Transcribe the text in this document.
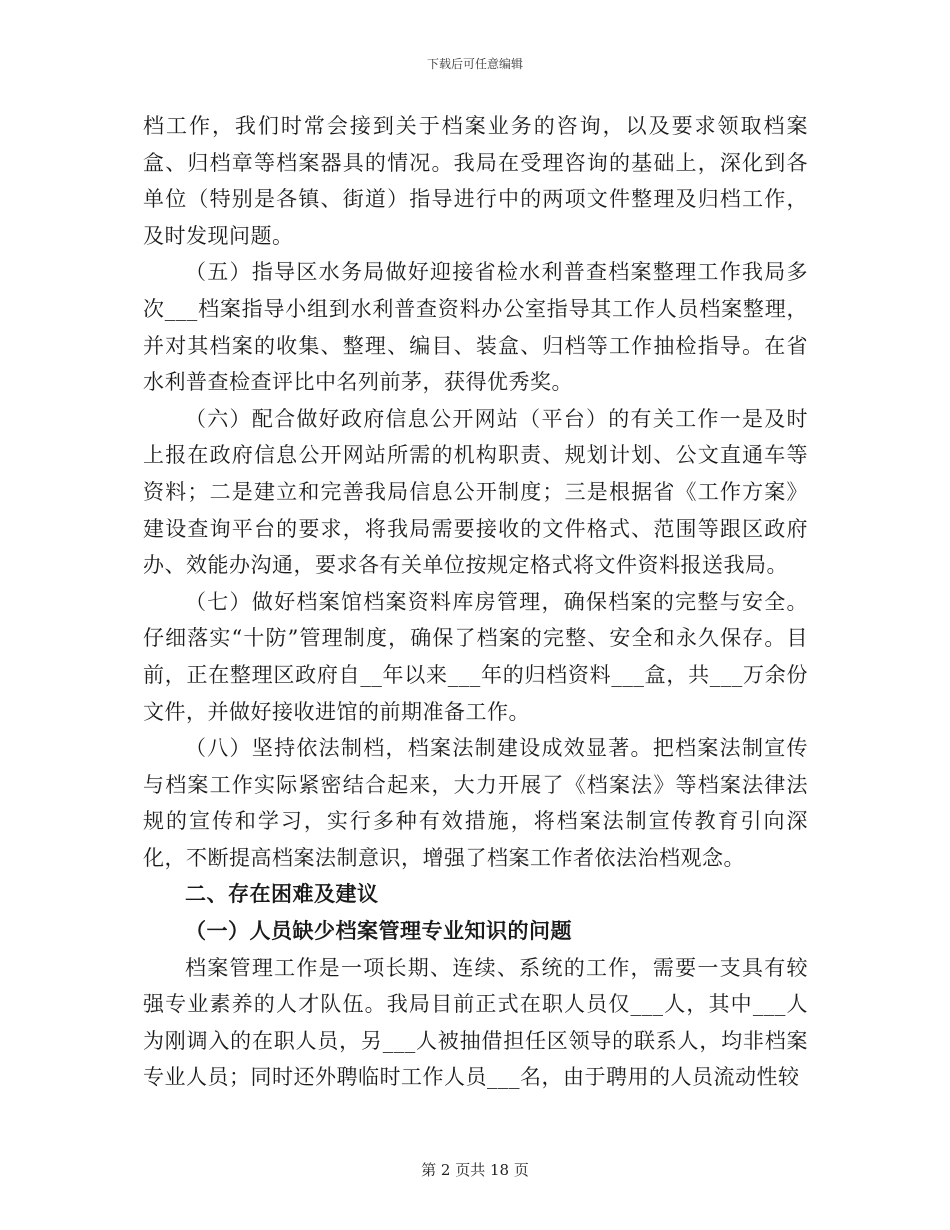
下载后可任意编辑

档工作，我们时常会接到关于档案业务的咨询，以及要求领取档案盒、归档章等档案器具的情况。我局在受理咨询的基础上，深化到各单位（特别是各镇、街道）指导进行中的两项文件整理及归档工作，及时发现问题。

（五）指导区水务局做好迎接省检水利普查档案整理工作我局多次___档案指导小组到水利普查资料办公室指导其工作人员档案整理，并对其档案的收集、整理、编目、装盒、归档等工作抽检指导。在省水利普查检查评比中名列前茅，获得优秀奖。

（六）配合做好政府信息公开网站（平台）的有关工作一是及时上报在政府信息公开网站所需的机构职责、规划计划、公文直通车等资料；二是建立和完善我局信息公开制度；三是根据省《工作方案》建设查询平台的要求，将我局需要接收的文件格式、范围等跟区政府办、效能办沟通，要求各有关单位按规定格式将文件资料报送我局。

（七）做好档案馆档案资料库房管理，确保档案的完整与安全。仔细落实“十防”管理制度，确保了档案的完整、安全和永久保存。目前，正在整理区政府自__年以来___年的归档资料___盒，共___万余份文件，并做好接收进馆的前期准备工作。

（八）坚持依法制档，档案法制建设成效显著。把档案法制宣传与档案工作实际紧密结合起来，大力开展了《档案法》等档案法律法规的宣传和学习，实行多种有效措施，将档案法制宣传教育引向深化，不断提高档案法制意识，增强了档案工作者依法治档观念。

二、存在困难及建议

（一）人员缺少档案管理专业知识的问题

档案管理工作是一项长期、连续、系统的工作，需要一支具有较强专业素养的人才队伍。我局目前正式在职人员仅___人，其中___人为刚调入的在职人员，另___人被抽借担任区领导的联系人，均非档案专业人员；同时还外聘临时工作人员___名，由于聘用的人员流动性较

第 2 页共 18 页
